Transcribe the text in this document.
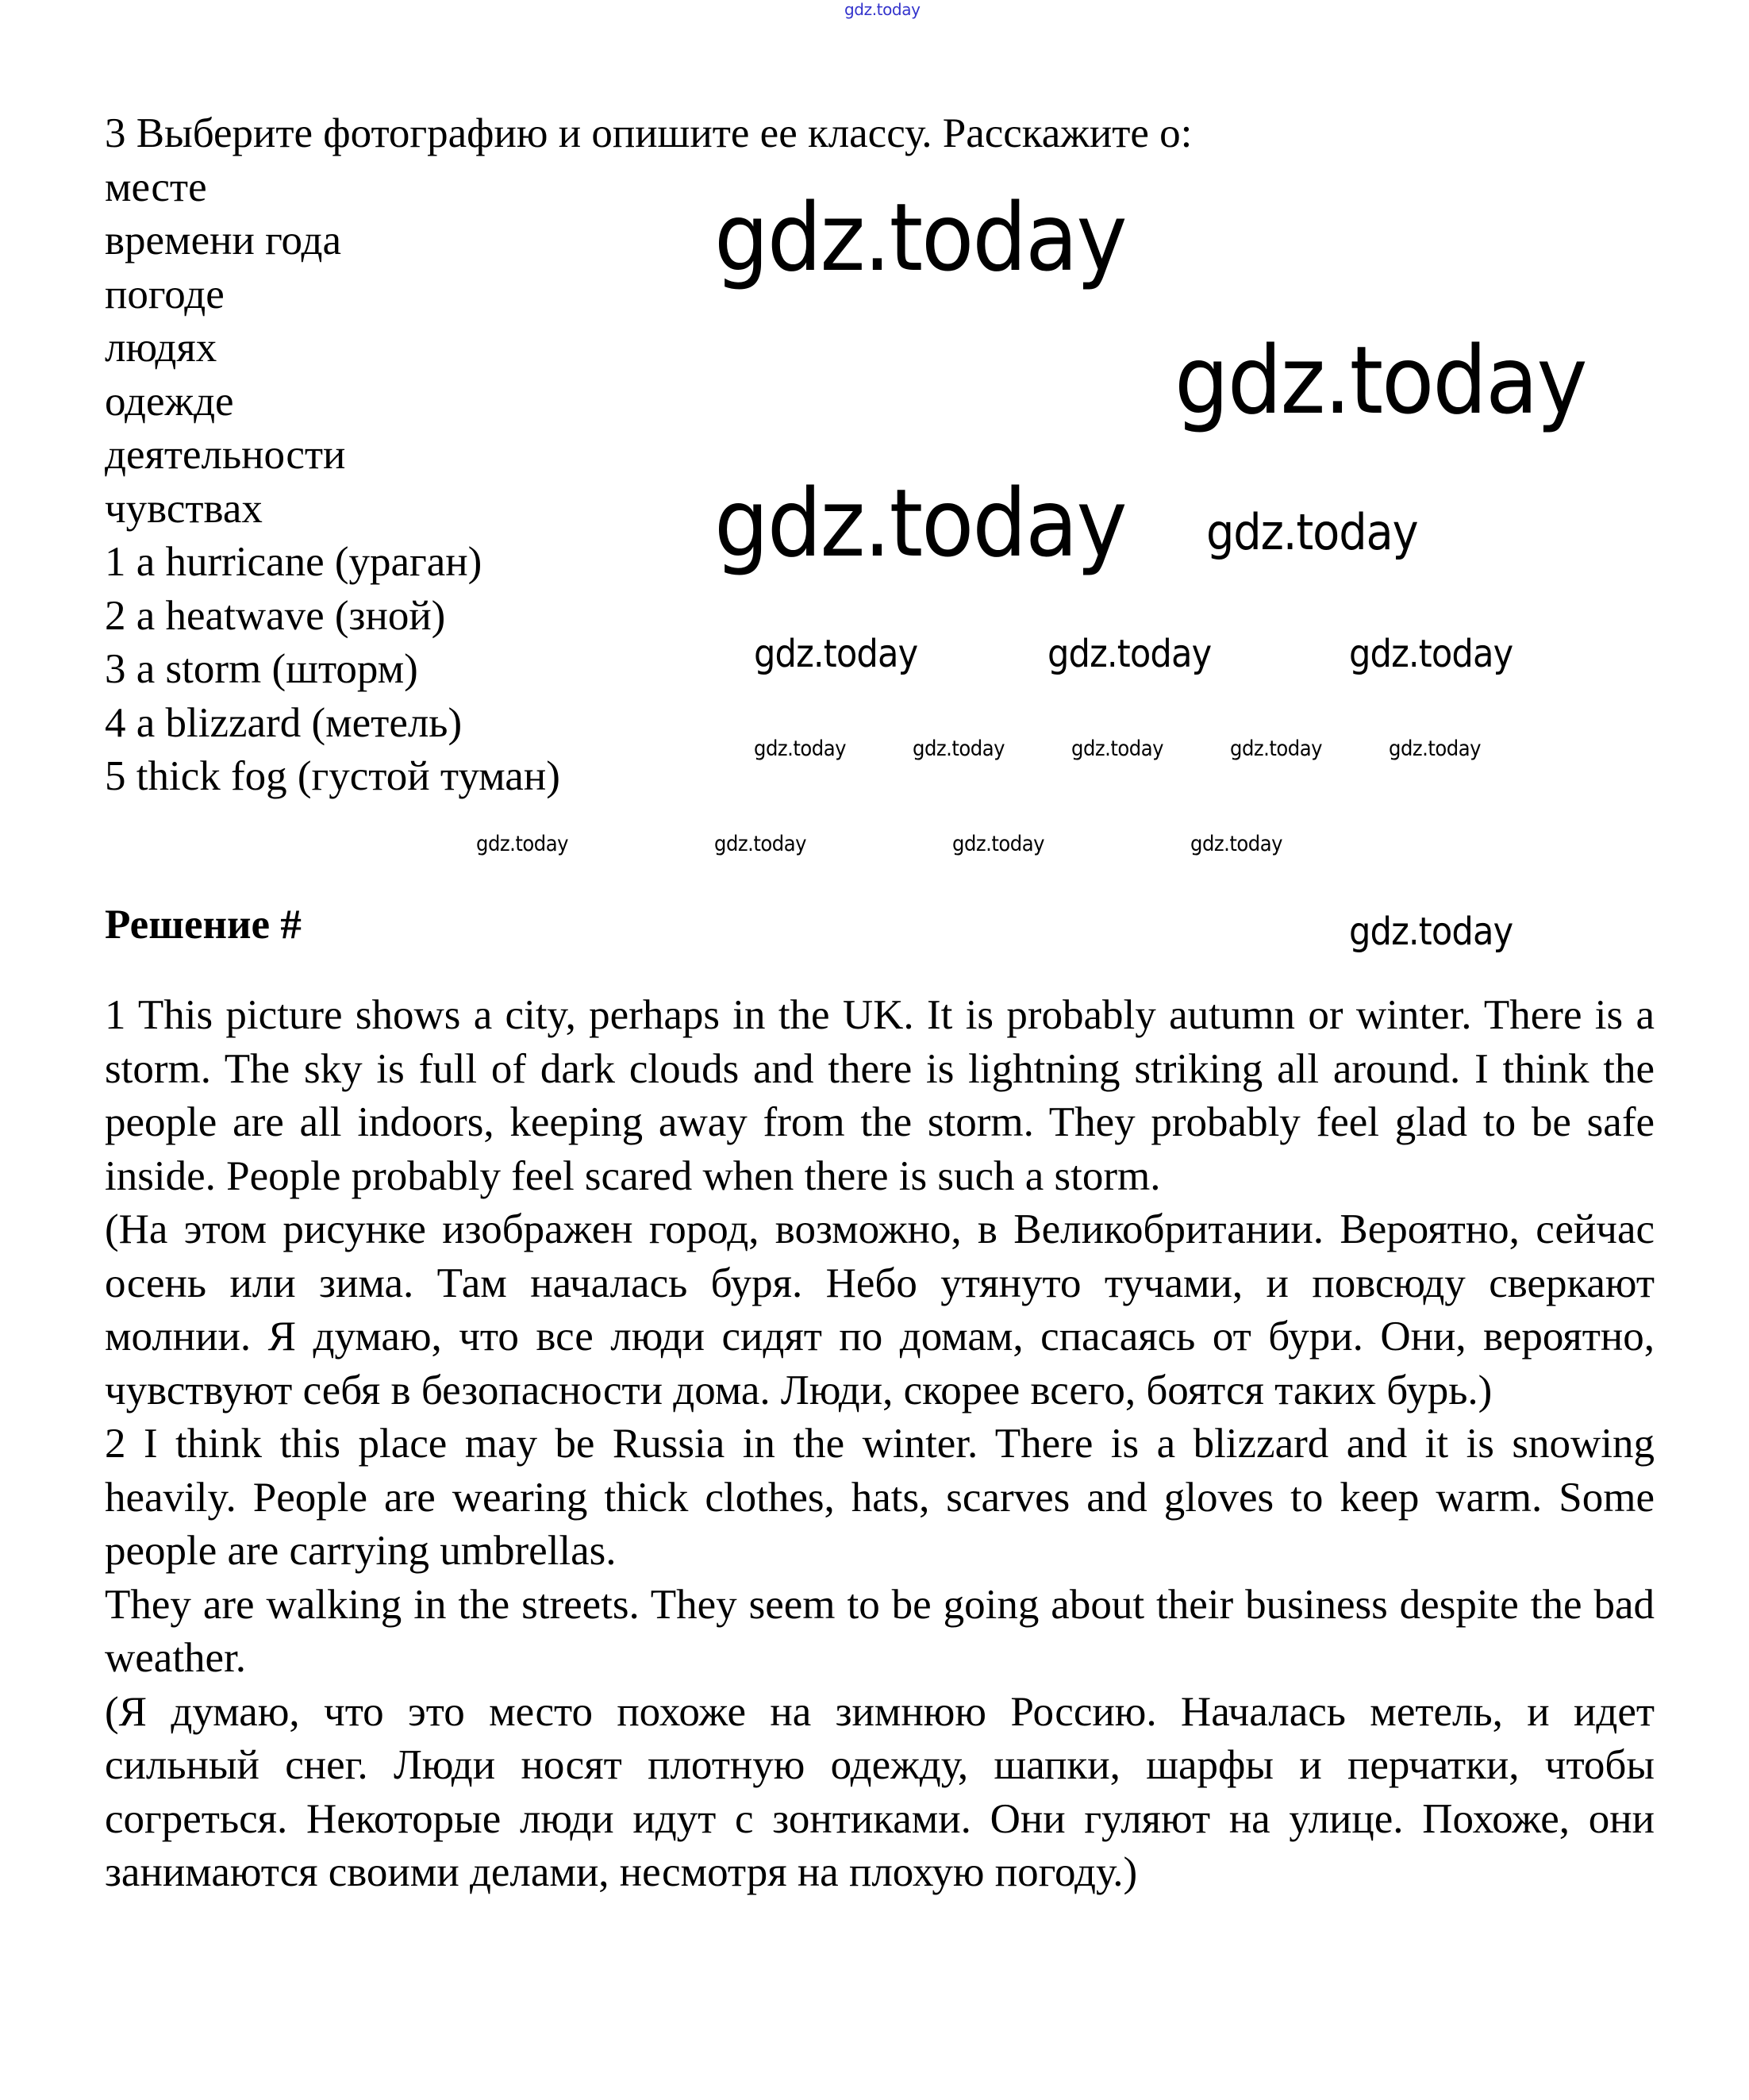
gdz.today
3 Выберите фотографию и опишите ее классу. Расскажите о:
месте
времени года
погоде
людях
одежде
деятельности
чувствах
1 a hurricane (ураган)
2 a heatwave (зной)
3 a storm (шторм)
4 a blizzard (метель)
5 thick fog (густой туман)
Решение #

1 This picture shows a city, perhaps in the UK. It is probably autumn or winter. There is a storm. The sky is full of dark clouds and there is lightning striking all around. I think the people are all indoors, keeping away from the storm. They probably feel glad to be safe inside. People probably feel scared when there is such a storm.

(На этом рисунке изображен город, возможно, в Великобритании. Вероятно, сейчас осень или зима. Там началась буря. Небо утянуто тучами, и повсюду сверкают молнии. Я думаю, что все люди сидят по домам, спасаясь от бури. Они, вероятно, чувствуют себя в безопасности дома. Люди, скорее всего, боятся таких бурь.)

2 I think this place may be Russia in the winter. There is a blizzard and it is snowing heavily. People are wearing thick clothes, hats, scarves and gloves to keep warm. Some people are carrying umbrellas.

They are walking in the streets. They seem to be going about their business despite the bad weather.

(Я думаю, что это место похоже на зимнюю Россию. Началась метель, и идет сильный снег. Люди носят плотную одежду, шапки, шарфы и перчатки, чтобы согреться. Некоторые люди идут с зонтиками. Они гуляют на улице. Похоже, они занимаются своими делами, несмотря на плохую погоду.)

gdz.today
gdz.today
gdz.today gdz.today
gdz.today	gdz.today	gdz.today
gdz.today
gdz.today	gdz.today	gdz.today	gdz.today	gdz.today
gdz.today	gdz.today	gdz.today	gdz.today
